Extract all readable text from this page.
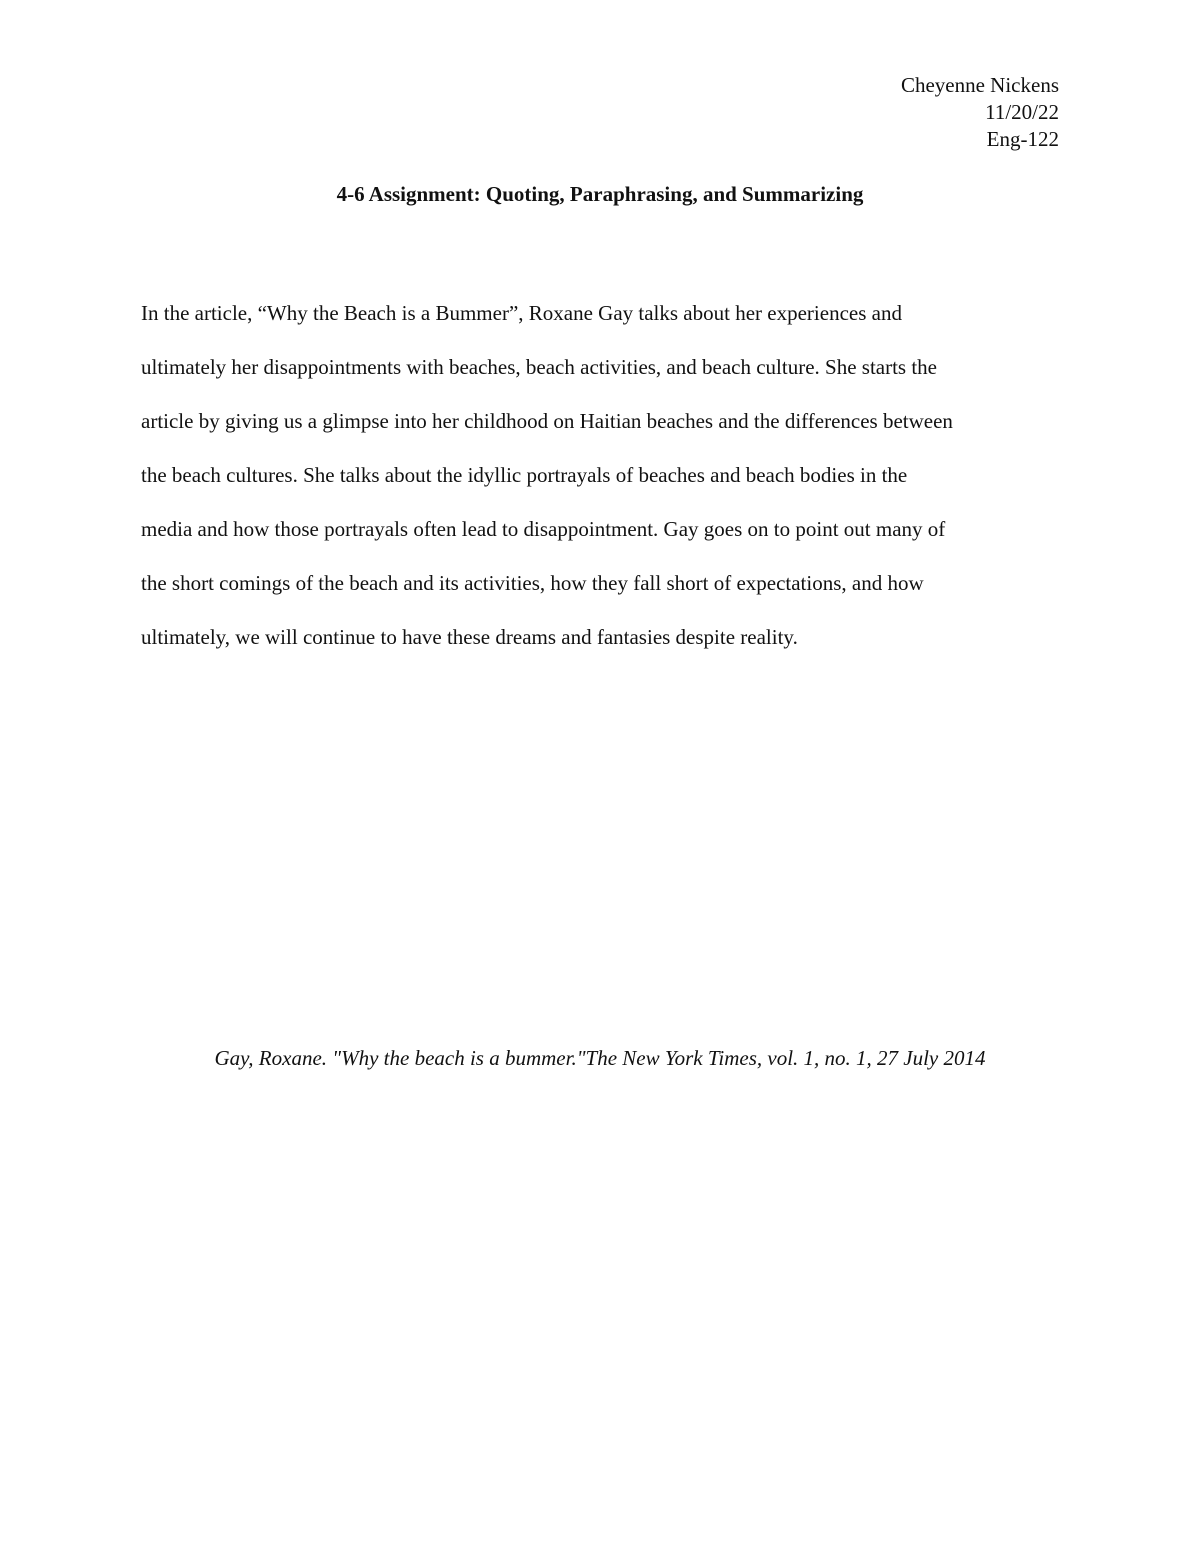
Cheyenne Nickens
11/20/22
Eng-122
4-6 Assignment: Quoting, Paraphrasing, and Summarizing
In the article, “Why the Beach is a Bummer”, Roxane Gay talks about her experiences and
ultimately her disappointments with beaches, beach activities, and beach culture. She starts the
article by giving us a glimpse into her childhood on Haitian beaches and the differences between
the beach cultures. She talks about the idyllic portrayals of beaches and beach bodies in the
media and how those portrayals often lead to disappointment. Gay goes on to point out many of
the short comings of the beach and its activities, how they fall short of expectations, and how
ultimately, we will continue to have these dreams and fantasies despite reality.

Gay, Roxane. "Why the beach is a bummer."The New York Times, vol. 1, no. 1, 27 July 2014
